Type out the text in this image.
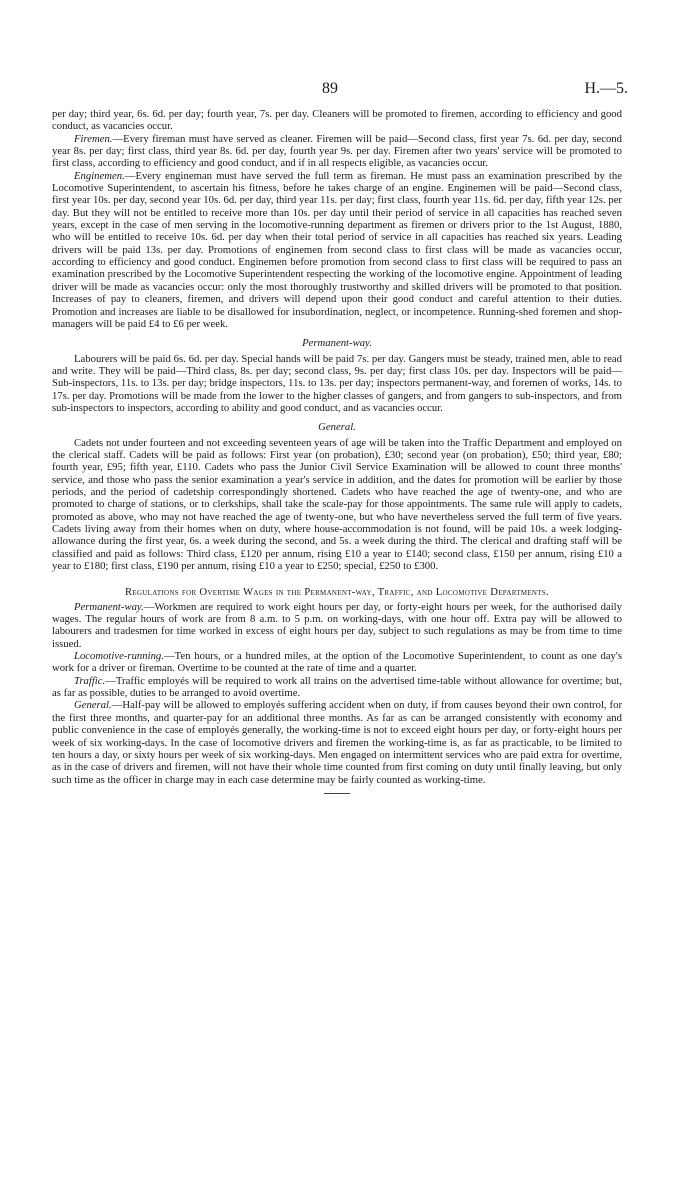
89	H.—5.

per day; third year, 6s. 6d. per day; fourth year, 7s. per day. Cleaners will be promoted to firemen, according to efficiency and good conduct, as vacancies occur.

Firemen.—Every fireman must have served as cleaner. Firemen will be paid—Second class, first year 7s. 6d. per day, second year 8s. per day; first class, third year 8s. 6d. per day, fourth year 9s. per day. Firemen after two years' service will be promoted to first class, according to efficiency and good conduct, and if in all respects eligible, as vacancies occur.

Enginemen.—Every engineman must have served the full term as fireman. He must pass an examination prescribed by the Locomotive Superintendent, to ascertain his fitness, before he takes charge of an engine. Enginemen will be paid—Second class, first year 10s. per day, second year 10s. 6d. per day, third year 11s. per day; first class, fourth year 11s. 6d. per day, fifth year 12s. per day. But they will not be entitled to receive more than 10s. per day until their period of service in all capacities has reached seven years, except in the case of men serving in the locomotive-running department as firemen or drivers prior to the 1st August, 1880, who will be entitled to receive 10s. 6d. per day when their total period of service in all capacities has reached six years. Leading drivers will be paid 13s. per day. Promotions of enginemen from second class to first class will be made as vacancies occur, according to efficiency and good conduct. Enginemen before promotion from second class to first class will be required to pass an examination prescribed by the Locomotive Superintendent respecting the working of the locomotive engine. Appointment of leading driver will be made as vacancies occur: only the most thoroughly trustworthy and skilled drivers will be promoted to that position. Increases of pay to cleaners, firemen, and drivers will depend upon their good conduct and careful attention to their duties. Promotion and increases are liable to be disallowed for insubordination, neglect, or incompetence. Running-shed foremen and shop-managers will be paid £4 to £6 per week.

Permanent-way.

Labourers will be paid 6s. 6d. per day. Special hands will be paid 7s. per day. Gangers must be steady, trained men, able to read and write. They will be paid—Third class, 8s. per day; second class, 9s. per day; first class 10s. per day. Inspectors will be paid—Sub-inspectors, 11s. to 13s. per day; bridge inspectors, 11s. to 13s. per day; inspectors permanent-way, and foremen of works, 14s. to 17s. per day. Promotions will be made from the lower to the higher classes of gangers, and from gangers to sub-inspectors, and from sub-inspectors to inspectors, according to ability and good conduct, and as vacancies occur.

General.

Cadets not under fourteen and not exceeding seventeen years of age will be taken into the Traffic Department and employed on the clerical staff. Cadets will be paid as follows: First year (on probation), £30; second year (on probation), £50; third year, £80; fourth year, £95; fifth year, £110. Cadets who pass the Junior Civil Service Examination will be allowed to count three months' service, and those who pass the senior examination a year's service in addition, and the dates for promotion will be earlier by those periods, and the period of cadetship correspondingly shortened. Cadets who have reached the age of twenty-one, and who are promoted to charge of stations, or to clerkships, shall take the scale-pay for those appointments. The same rule will apply to cadets, promoted as above, who may not have reached the age of twenty-one, but who have nevertheless served the full term of five years. Cadets living away from their homes when on duty, where house-accommodation is not found, will be paid 10s. a week lodging-allowance during the first year, 6s. a week during the second, and 5s. a week during the third. The clerical and drafting staff will be classified and paid as follows: Third class, £120 per annum, rising £10 a year to £140; second class, £150 per annum, rising £10 a year to £180; first class, £190 per annum, rising £10 a year to £250; special, £250 to £300.

Regulations for Overtime Wages in the Permanent-way, Traffic, and Locomotive Departments.

Permanent-way.—Workmen are required to work eight hours per day, or forty-eight hours per week, for the authorised daily wages. The regular hours of work are from 8 a.m. to 5 p.m. on working-days, with one hour off. Extra pay will be allowed to labourers and tradesmen for time worked in excess of eight hours per day, subject to such regulations as may be from time to time issued.

Locomotive-running.—Ten hours, or a hundred miles, at the option of the Locomotive Superintendent, to count as one day's work for a driver or fireman. Overtime to be counted at the rate of time and a quarter.

Traffic.—Traffic employés will be required to work all trains on the advertised time-table without allowance for overtime; but, as far as possible, duties to be arranged to avoid overtime.

General.—Half-pay will be allowed to employés suffering accident when on duty, if from causes beyond their own control, for the first three months, and quarter-pay for an additional three months. As far as can be arranged consistently with economy and public convenience in the case of employés generally, the working-time is not to exceed eight hours per day, or forty-eight hours per week of six working-days. In the case of locomotive drivers and firemen the working-time is, as far as practicable, to be limited to ten hours a day, or sixty hours per week of six working-days. Men engaged on intermittent services who are paid extra for overtime, as in the case of drivers and firemen, will not have their whole time counted from first coming on duty until finally leaving, but only such time as the officer in charge may in each case determine may be fairly counted as working-time.
